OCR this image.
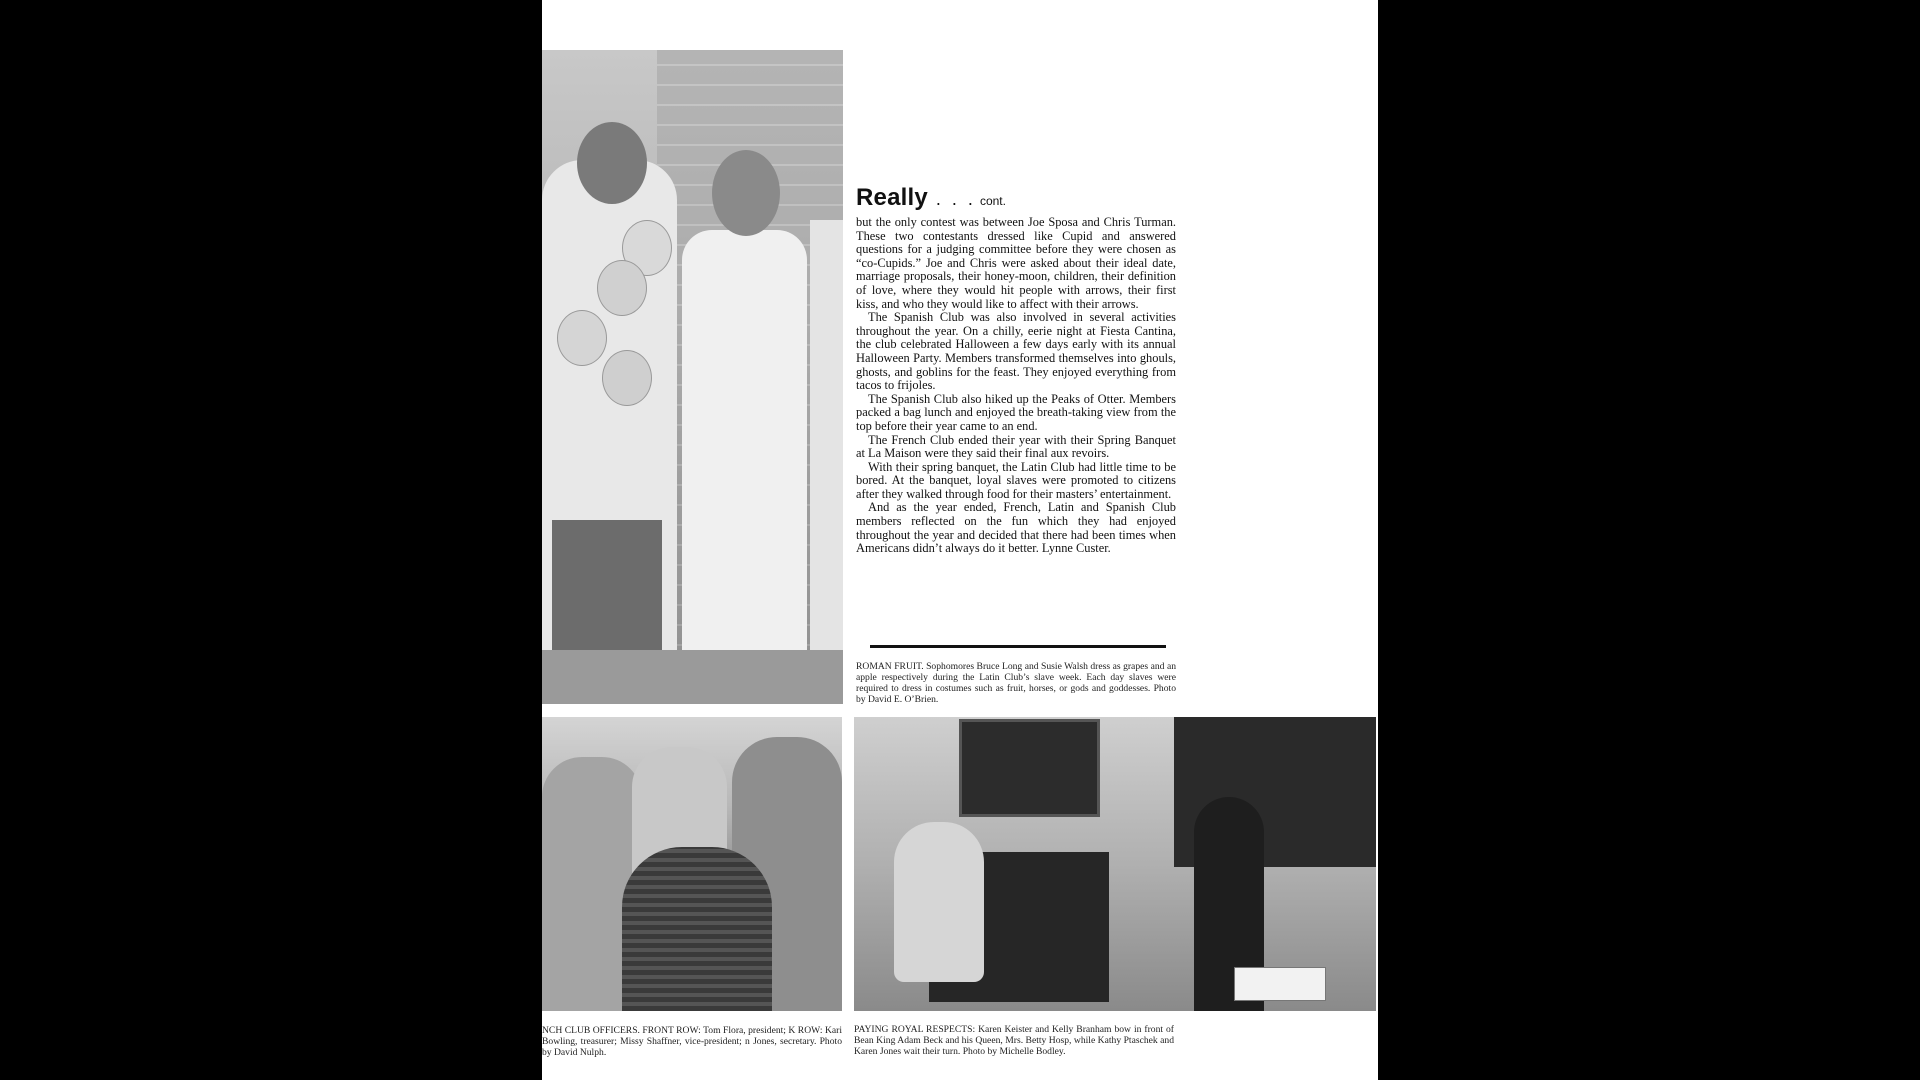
Really . . . cont.

but the only contest was between Joe Sposa and Chris Turman. These two contestants dressed like Cupid and answered questions for a judging committee before they were chosen as “co-Cupids.” Joe and Chris were asked about their ideal date, marriage proposals, their honey-moon, children, their definition of love, where they would hit people with arrows, their first kiss, and who they would like to affect with their arrows.

The Spanish Club was also involved in several activities throughout the year. On a chilly, eerie night at Fiesta Cantina, the club celebrated Halloween a few days early with its annual Halloween Party. Members transformed themselves into ghouls, ghosts, and goblins for the feast. They enjoyed everything from tacos to frijoles.

The Spanish Club also hiked up the Peaks of Otter. Members packed a bag lunch and enjoyed the breath-taking view from the top before their year came to an end.

The French Club ended their year with their Spring Banquet at La Maison were they said their final aux revoirs.

With their spring banquet, the Latin Club had little time to be bored. At the banquet, loyal slaves were promoted to citizens after they walked through food for their masters’ entertainment.

And as the year ended, French, Latin and Spanish Club members reflected on the fun which they had enjoyed throughout the year and decided that there had been times when Americans didn’t always do it better. Lynne Custer.

ROMAN FRUIT. Sophomores Bruce Long and Susie Walsh dress as grapes and an apple respectively during the Latin Club’s slave week. Each day slaves were required to dress in costumes such as fruit, horses, or gods and goddesses. Photo by David E. O’Brien.
NCH CLUB OFFICERS. FRONT ROW: Tom Flora, president; K ROW: Kari Bowling, treasurer; Missy Shaffner, vice-president; n Jones, secretary. Photo by David Nulph.
PAYING ROYAL RESPECTS: Karen Keister and Kelly Branham bow in front of Bean King Adam Beck and his Queen, Mrs. Betty Hosp, while Kathy Ptaschek and Karen Jones wait their turn. Photo by Michelle Bodley.
